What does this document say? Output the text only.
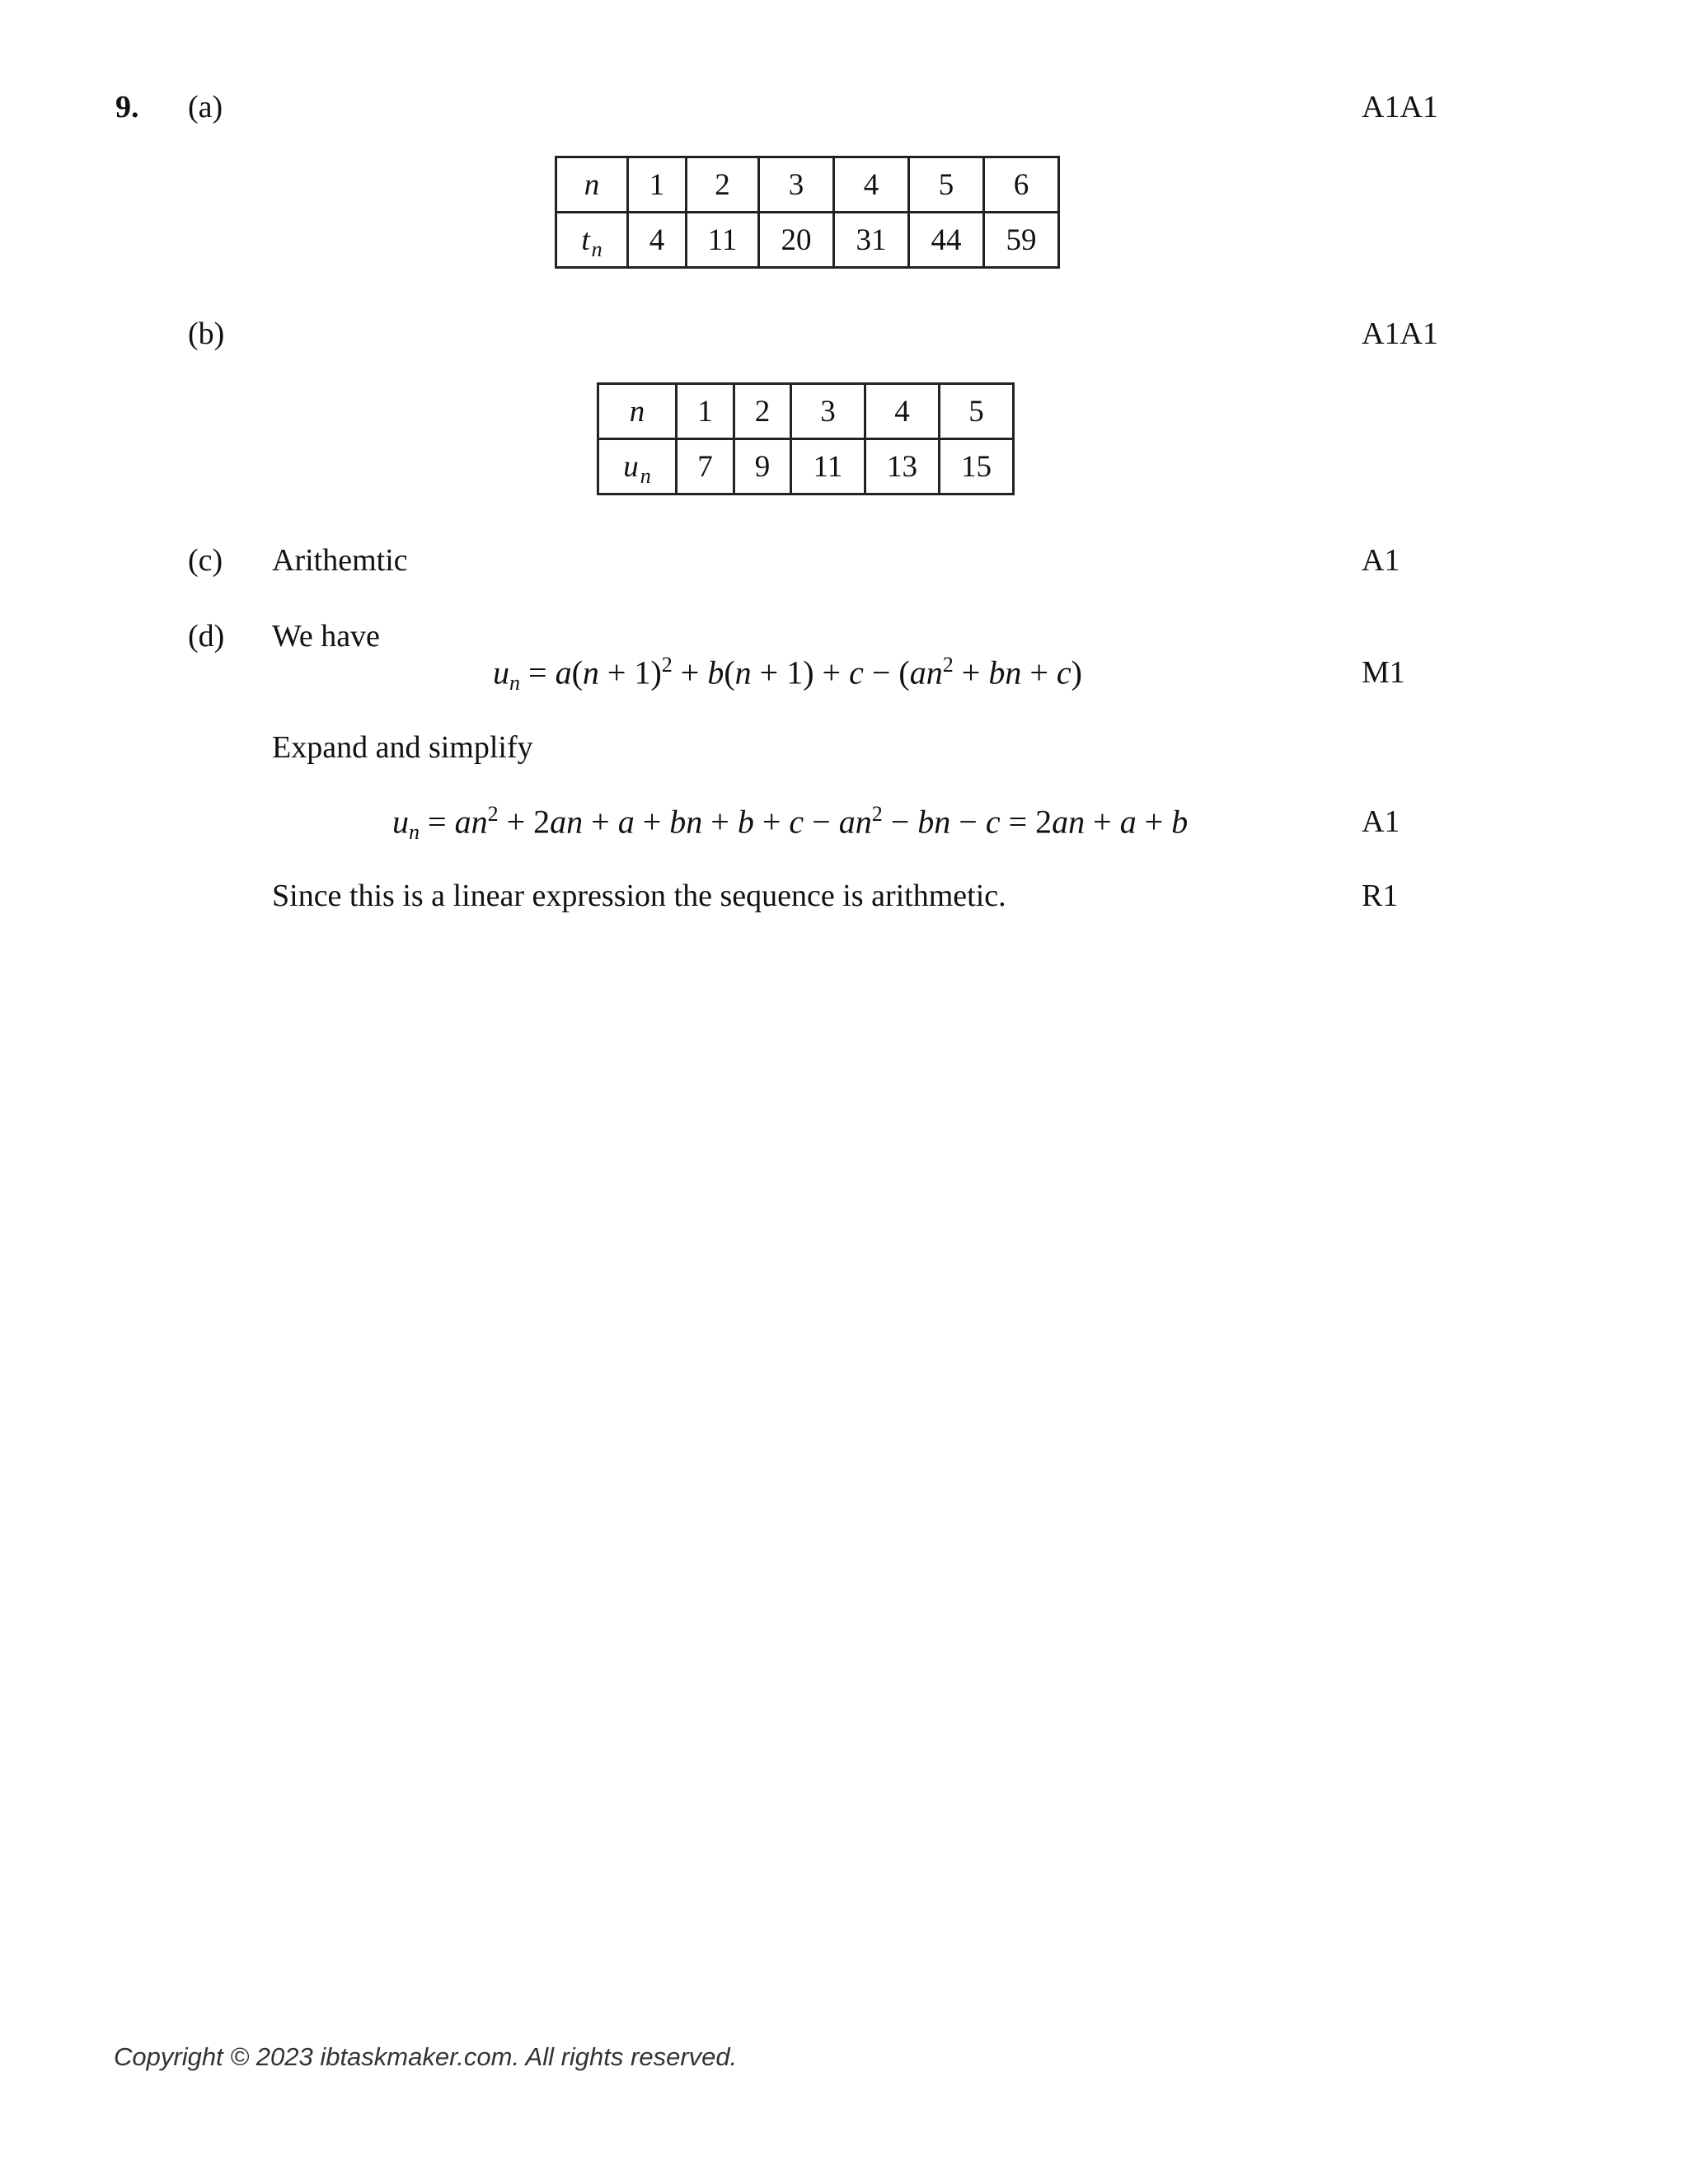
9. (a)	A1A1
n	1	2	3	4	5	6
$t_n$	4	11	20	31	44	59
(b)	A1A1
n	1	2	3	4	5
$u_n$	7	9	11	13	15
(c) Arithemtic	A1
(d) We have
$u_n = a(n + 1)^2 + b(n + 1) + c - (an^2$ + bn + c)	M1
Expand and simplify
$u_n = an^2 + 2an + a$ + bn + $b + c - an^2$ − bn − c = 2an + a + b	A1
Since this is a linear expression the sequence is arithmetic.	R1
Copyright © 2023 ibtaskmaker.com. All rights reserved.
